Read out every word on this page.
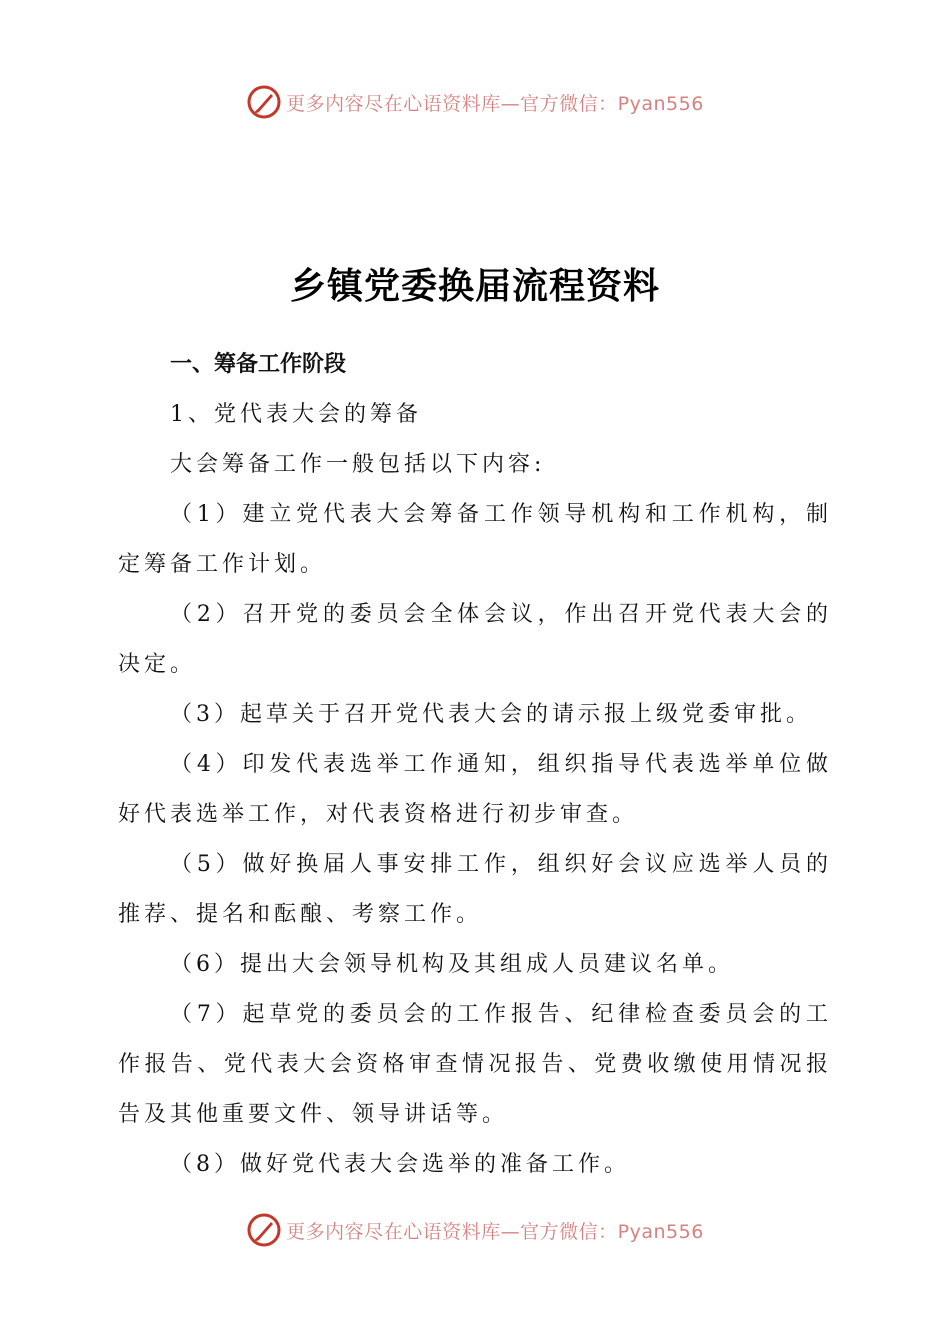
更多内容尽在心语资料库—官方微信：Pyan556
乡镇党委换届流程资料

一、筹备工作阶段

1、党代表大会的筹备

大会筹备工作一般包括以下内容:

（1）建立党代表大会筹备工作领导机构和工作机构，制定筹备工作计划。

（2）召开党的委员会全体会议，作出召开党代表大会的决定。

（3）起草关于召开党代表大会的请示报上级党委审批。

（4）印发代表选举工作通知，组织指导代表选举单位做好代表选举工作，对代表资格进行初步审查。

（5）做好换届人事安排工作，组织好会议应选举人员的推荐、提名和酝酿、考察工作。

（6）提出大会领导机构及其组成人员建议名单。

（7）起草党的委员会的工作报告、纪律检查委员会的工作报告、党代表大会资格审查情况报告、党费收缴使用情况报告及其他重要文件、领导讲话等。

（8）做好党代表大会选举的准备工作。

更多内容尽在心语资料库—官方微信：Pyan556
